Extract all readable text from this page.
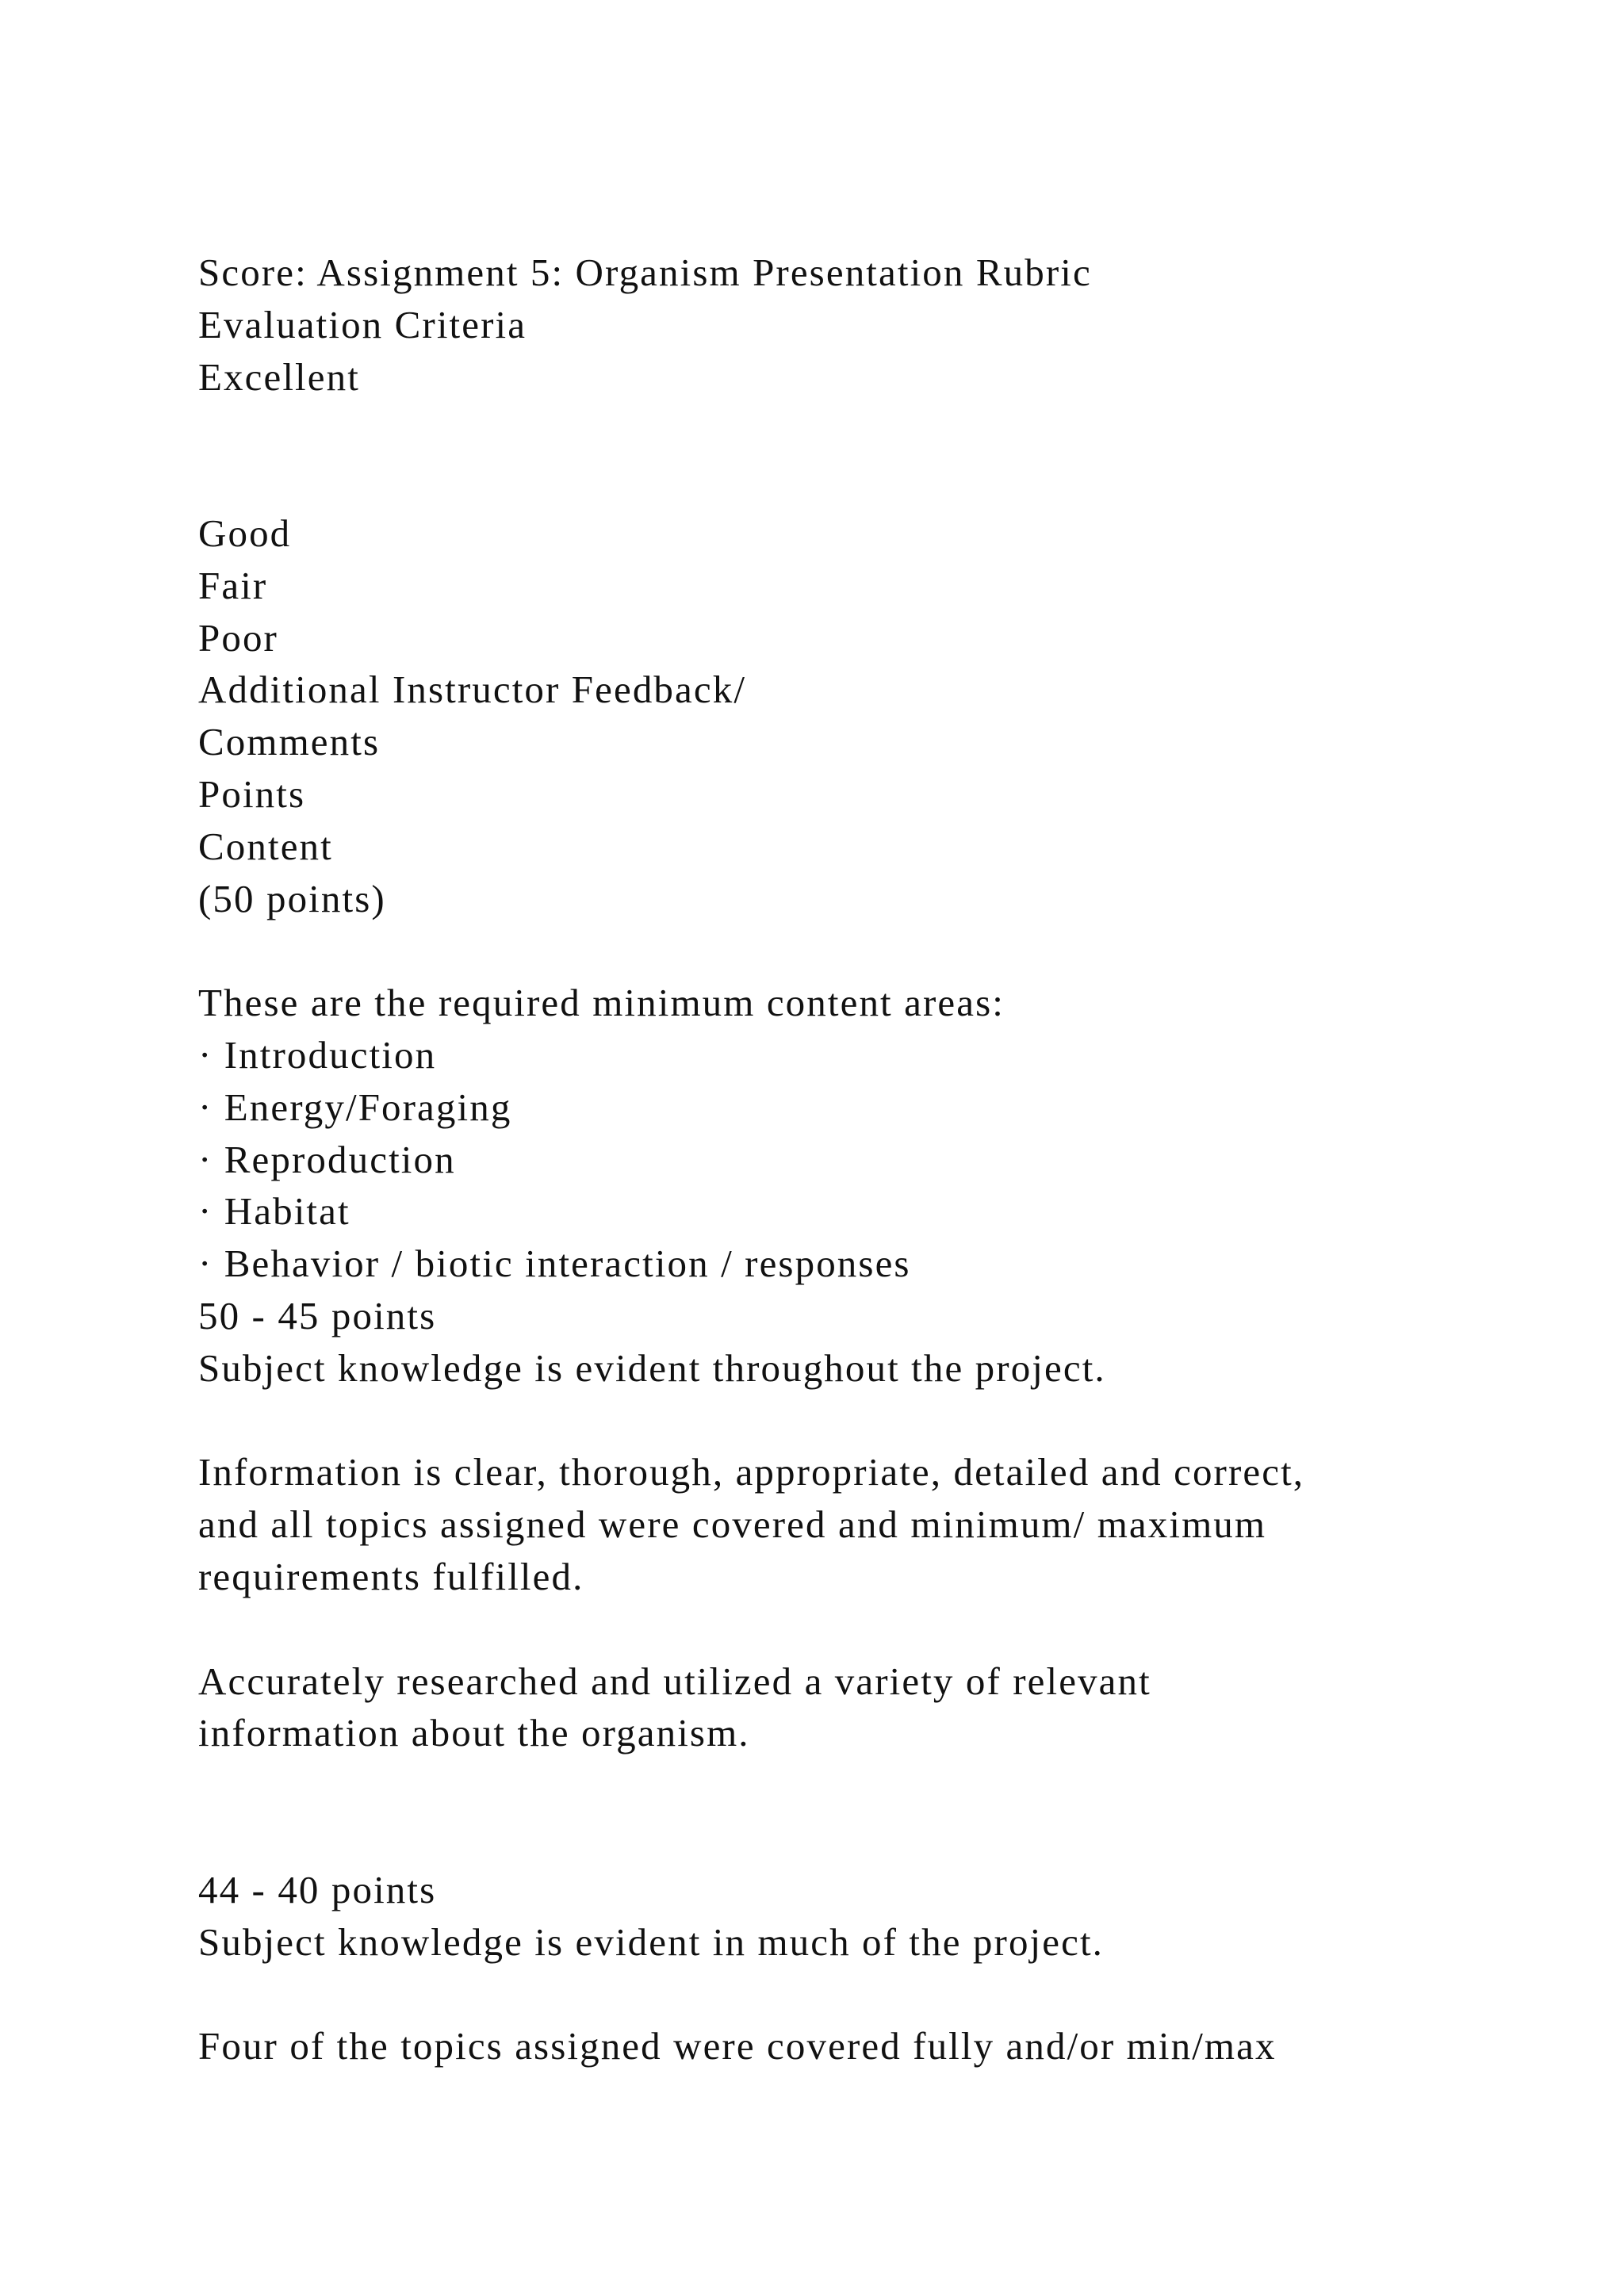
Score: Assignment 5: Organism Presentation Rubric
Evaluation Criteria
Excellent
Good
Fair
Poor
Additional Instructor Feedback/
Comments
Points
Content
(50 points)
These are the required minimum content areas:
· Introduction
· Energy/Foraging
· Reproduction
· Habitat
· Behavior / biotic interaction / responses
50 - 45 points
Subject knowledge is evident throughout the project.
Information is clear, thorough, appropriate, detailed and correct,
and all topics assigned were covered and minimum/ maximum
requirements fulfilled.
Accurately researched and utilized a variety of relevant
information about the organism.
44 - 40 points
Subject knowledge is evident in much of the project.
Four of the topics assigned were covered fully and/or min/max
